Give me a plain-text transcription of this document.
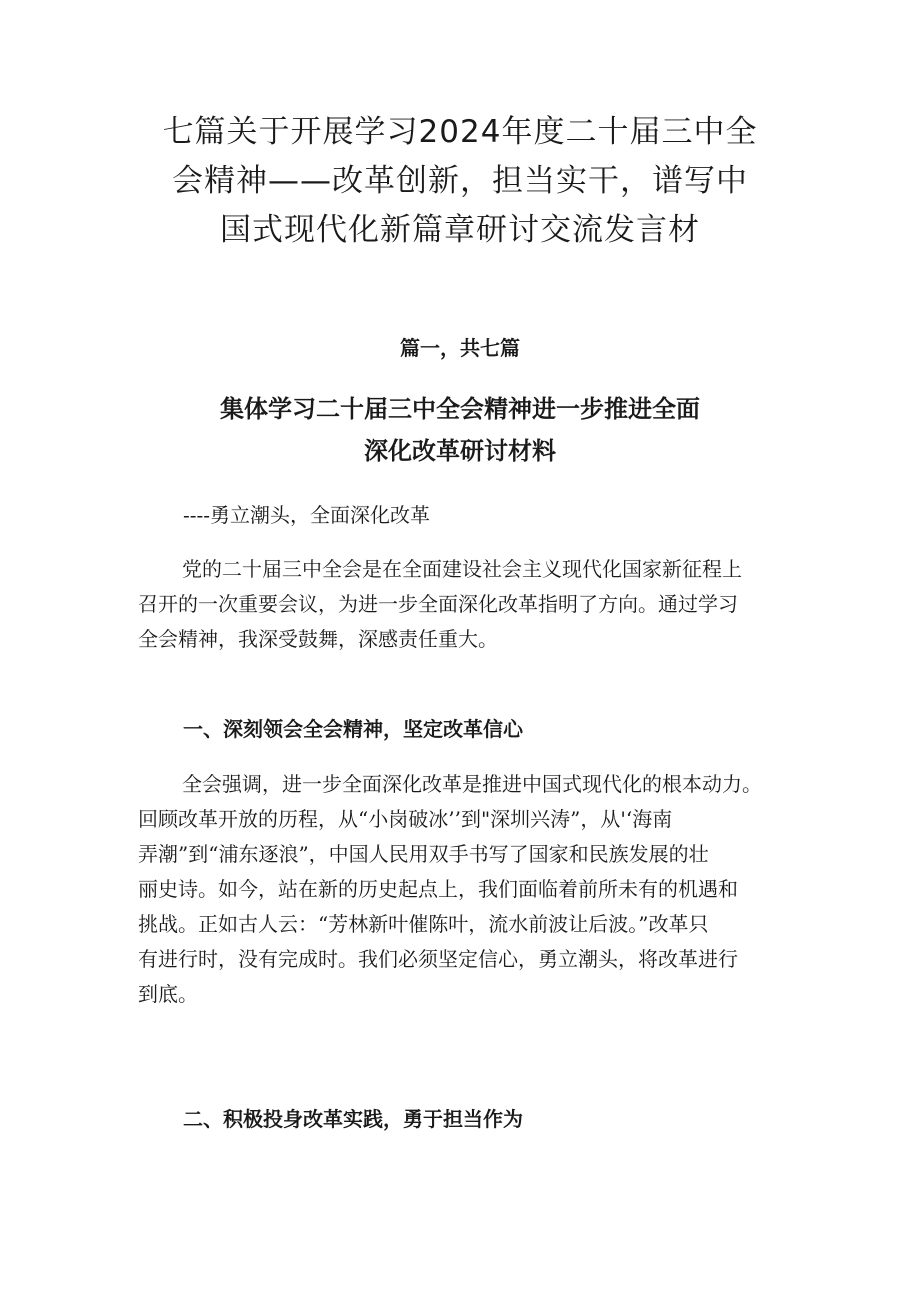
七篇关于开展学习2024年度二十届三中全
会精神——改革创新，担当实干，谱写中
国式现代化新篇章研讨交流发言材
篇一，共七篇
集体学习二十届三中全会精神进一步推进全面
深化改革研讨材料

----勇立潮头，全面深化改革

党的二十届三中全会是在全面建设社会主义现代化国家新征程上
召开的一次重要会议，为进一步全面深化改革指明了方向。通过学习
全会精神，我深受鼓舞，深感责任重大。

一、深刻领会全会精神，坚定改革信心

全会强调，进一步全面深化改革是推进中国式现代化的根本动力。
回顾改革开放的历程，从“小岗破冰’’到"深圳兴涛”，从'‘海南
弄潮”到“浦东逐浪”，中国人民用双手书写了国家和民族发展的壮
丽史诗。如今，站在新的历史起点上，我们面临着前所未有的机遇和
挑战。正如古人云：“芳林新叶催陈叶，流水前波让后波。”改革只
有进行时，没有完成时。我们必须坚定信心，勇立潮头，将改革进行
到底。

二、积极投身改革实践，勇于担当作为
